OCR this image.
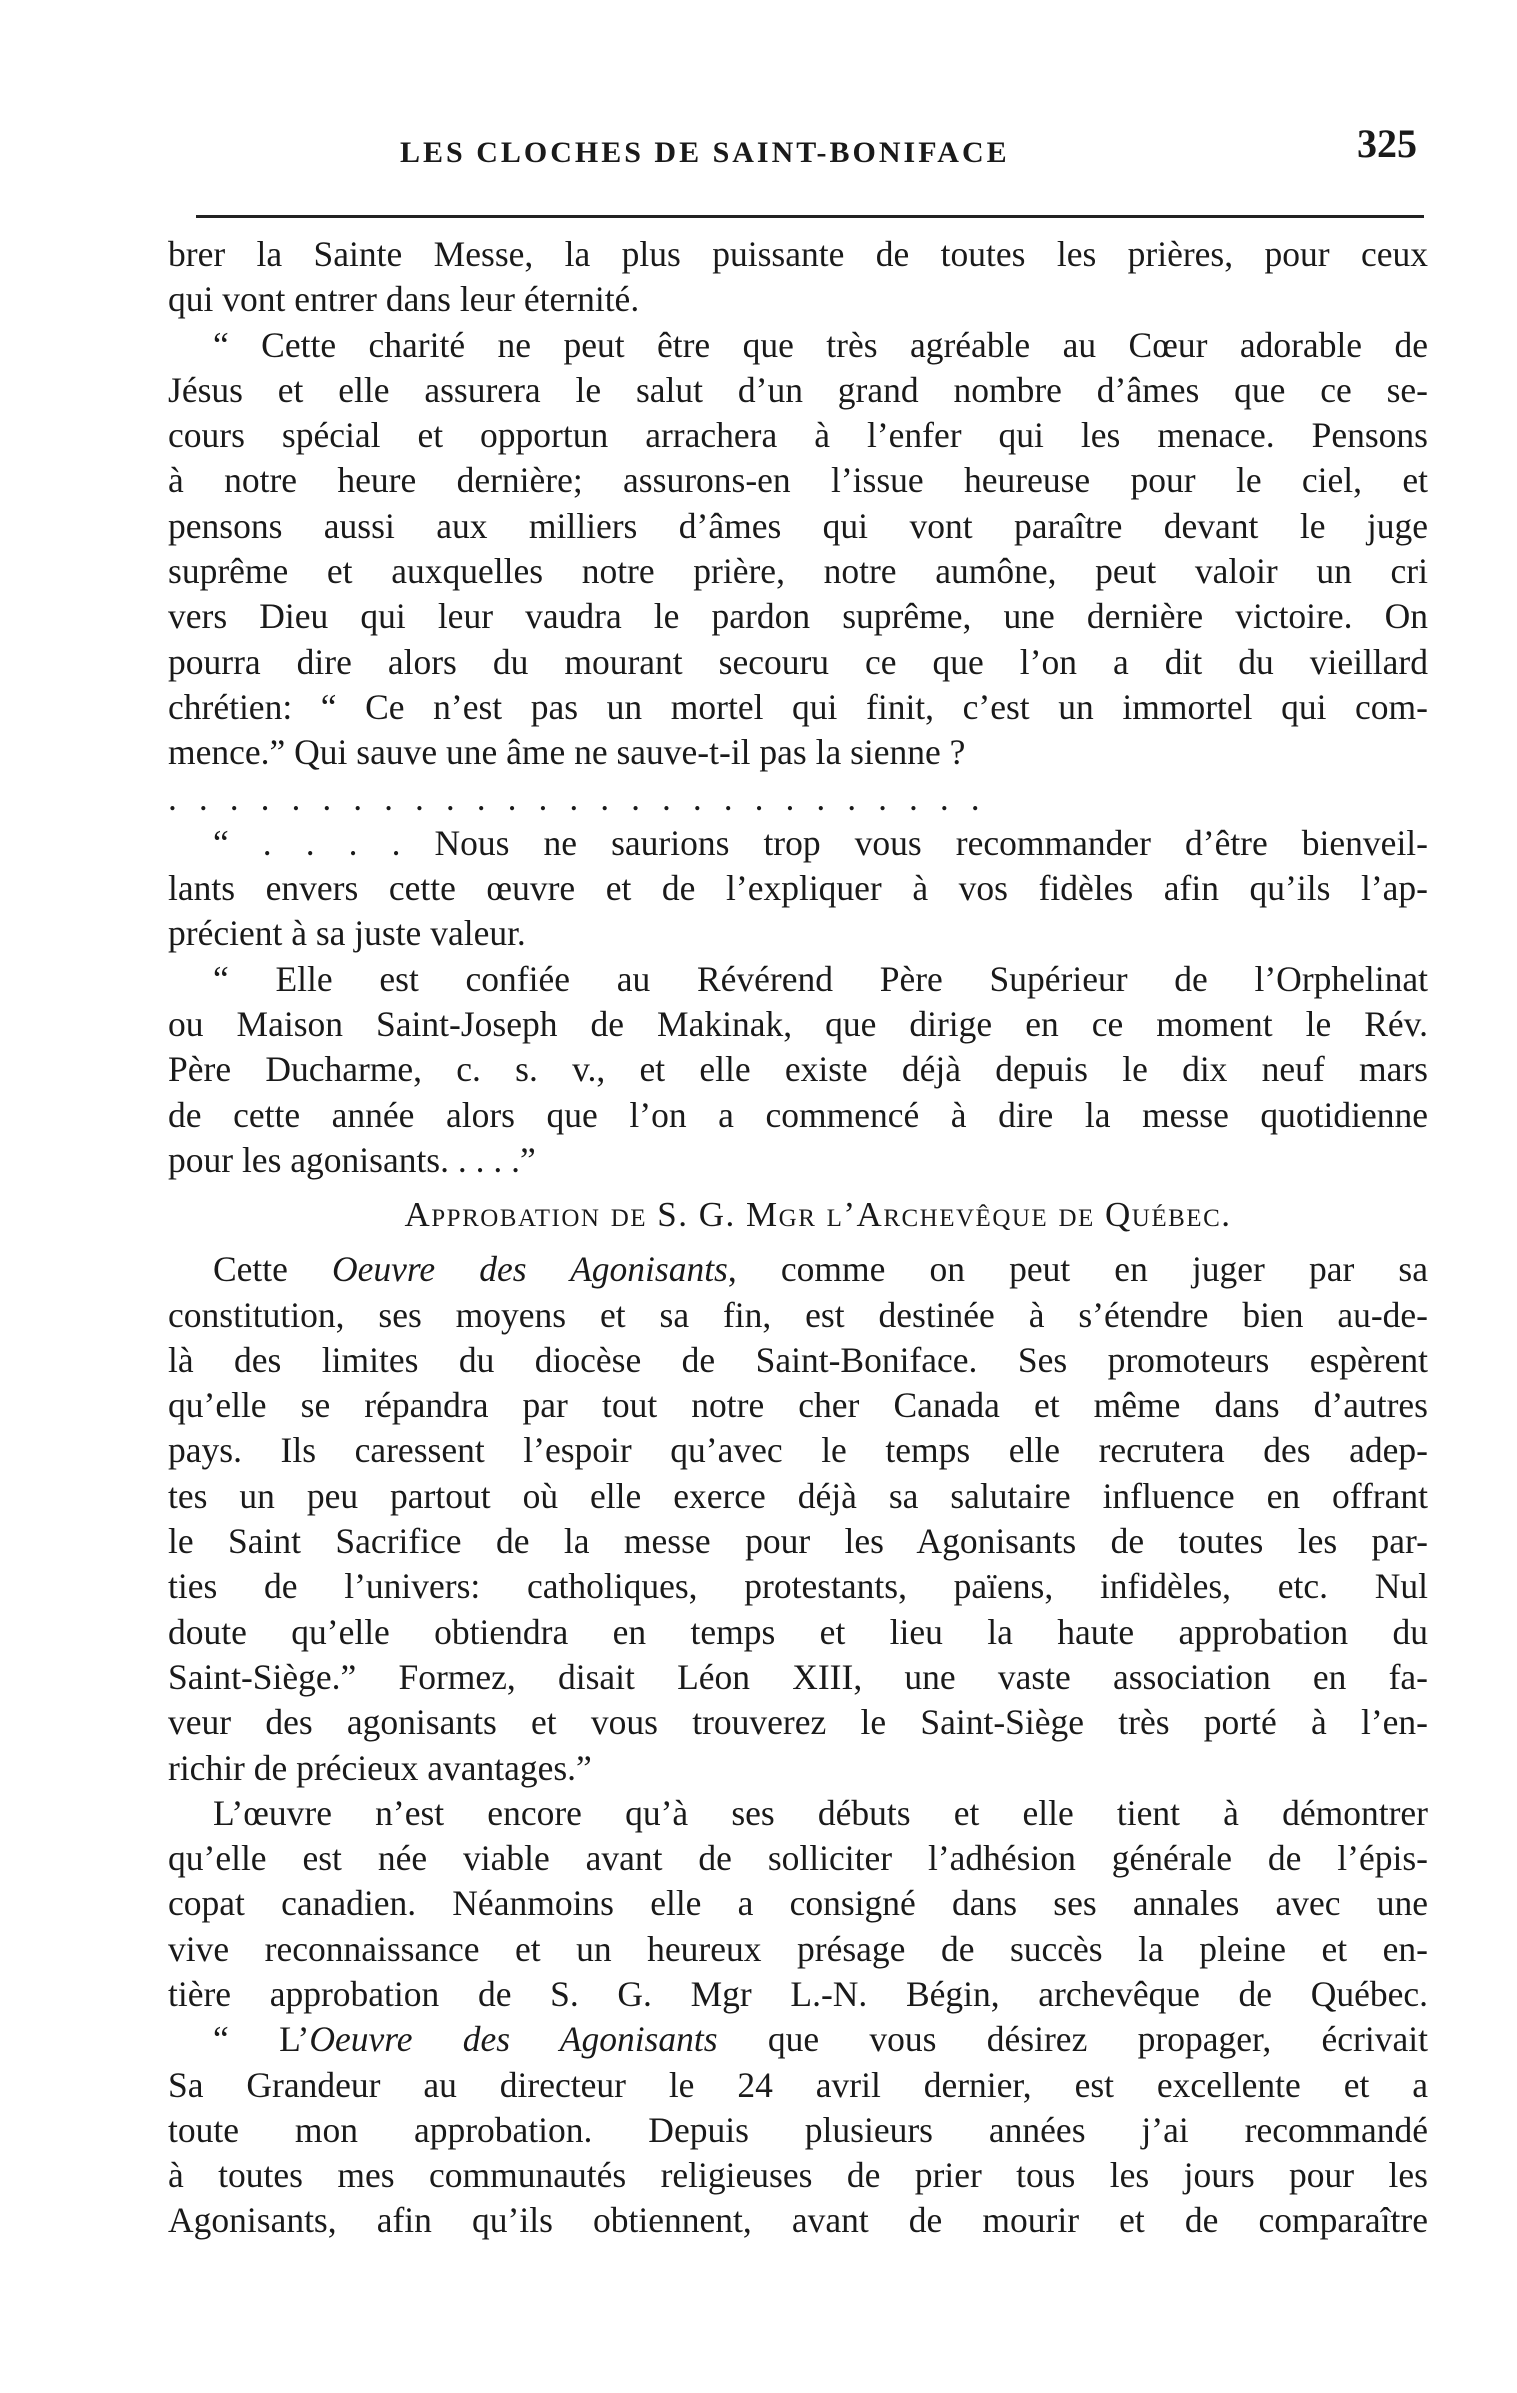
LES CLOCHES DE SAINT-BONIFACE	325
brer la Sainte Messe, la plus puissante de toutes les prières, pour ceux
qui vont entrer dans leur éternité.
“ Cette charité ne peut être que très agréable au Cœur adorable de
Jésus et elle assurera le salut d’un grand nombre d’âmes que ce se-
cours spécial et opportun arrachera à l’enfer qui les menace. Pensons
à notre heure dernière; assurons-en l’issue heureuse pour le ciel, et
pensons aussi aux milliers d’âmes qui vont paraître devant le juge
suprême et auxquelles notre prière, notre aumône, peut valoir un cri
vers Dieu qui leur vaudra le pardon suprême, une dernière victoire. On
pourra dire alors du mourant secouru ce que l’on a dit du vieillard
chrétien: “ Ce n’est pas un mortel qui finit, c’est un immortel qui com-
mence.” Qui sauve une âme ne sauve-t-il pas la sienne ?
...........................
“ . . . . Nous ne saurions trop vous recommander d’être bienveil-
lants envers cette œuvre et de l’expliquer à vos fidèles afin qu’ils l’ap-
précient à sa juste valeur.
“ Elle est confiée au Révérend Père Supérieur de l’Orphelinat
ou Maison Saint-Joseph de Makinak, que dirige en ce moment le Rév.
Père Ducharme, c. s. v., et elle existe déjà depuis le dix neuf mars
de cette année alors que l’on a commencé à dire la messe quotidienne
pour les agonisants. . . . .”
Approbation de S. G. Mgr l’Archevêque de Québec.
Cette Oeuvre des Agonisants, comme on peut en juger par sa
constitution, ses moyens et sa fin, est destinée à s’étendre bien au-de-
là des limites du diocèse de Saint-Boniface. Ses promoteurs espèrent
qu’elle se répandra par tout notre cher Canada et même dans d’autres
pays. Ils caressent l’espoir qu’avec le temps elle recrutera des adep-
tes un peu partout où elle exerce déjà sa salutaire influence en offrant
le Saint Sacrifice de la messe pour les Agonisants de toutes les par-
ties de l’univers: catholiques, protestants, païens, infidèles, etc. Nul
doute qu’elle obtiendra en temps et lieu la haute approbation du
Saint-Siège.” Formez, disait Léon XIII, une vaste association en fa-
veur des agonisants et vous trouverez le Saint-Siège très porté à l’en-
richir de précieux avantages.”
L’œuvre n’est encore qu’à ses débuts et elle tient à démontrer
qu’elle est née viable avant de solliciter l’adhésion générale de l’épis-
copat canadien. Néanmoins elle a consigné dans ses annales avec une
vive reconnaissance et un heureux présage de succès la pleine et en-
tière approbation de S. G. Mgr L.-N. Bégin, archevêque de Québec.
“ L’Oeuvre des Agonisants que vous désirez propager, écrivait
Sa Grandeur au directeur le 24 avril dernier, est excellente et a
toute mon approbation. Depuis plusieurs années j’ai recommandé
à toutes mes communautés religieuses de prier tous les jours pour les
Agonisants, afin qu’ils obtiennent, avant de mourir et de comparaître
